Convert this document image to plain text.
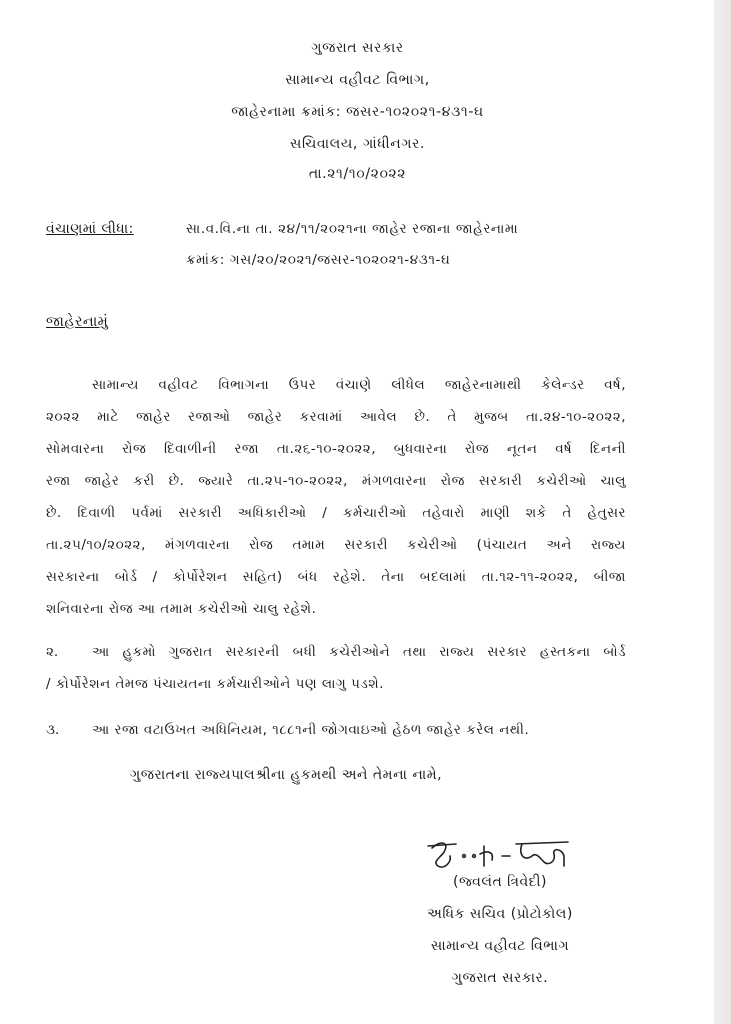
ગુજરાત સરકાર
સામાન્ય વહીવટ વિભાગ,
જાહેરનામા ક્રમાંક: જસર-૧૦૨૦૨૧-૪૩૧-ઘ
સચિવાલય, ગાંધીનગર.
તા.૨૧/૧૦/૨૦૨૨
વંચાણમાં લીધા:	સા.વ.વિ.ના તા. ૨૪/૧૧/૨૦૨૧ના જાહેર રજાના જાહેરનામા
ક્રમાંક: ગસ/૨૦/૨૦૨૧/જસર-૧૦૨૦૨૧-૪૩૧-ઘ
જાહેરનામું
સામાન્ય વહીવટ વિભાગના ઉપર વંચાણે લીધેલ જાહેરનામાથી કેલેન્ડર વર્ષ,
૨૦૨૨ માટે જાહેર રજાઓ જાહેર કરવામાં આવેલ છે. તે મુજબ તા.૨૪-૧૦-૨૦૨૨,
સોમવારના રોજ દિવાળીની રજા તા.૨૬-૧૦-૨૦૨૨, બુધવારના રોજ નૂતન વર્ષ દિનની
રજા જાહેર કરી છે. જ્યારે તા.૨૫-૧૦-૨૦૨૨, મંગળવારના રોજ સરકારી કચેરીઓ ચાલુ
છે. દિવાળી પર્વમાં સરકારી અધિકારીઓ / કર્મચારીઓ તહેવારો માણી શકે તે હેતુસર
તા.૨૫/૧૦/૨૦૨૨, મંગળવારના રોજ તમામ સરકારી કચેરીઓ (પંચાયત અને રાજ્ય
સરકારના બોર્ડ / કોર્પોરેશન સહિત) બંધ રહેશે. તેના બદલામાં તા.૧૨-૧૧-૨૦૨૨, બીજા
શનિવારના રોજ આ તમામ કચેરીઓ ચાલુ રહેશે.
૨.	આ હુકમો ગુજરાત સરકારની બધી કચેરીઓને તથા રાજ્ય સરકાર હસ્તકના બોર્ડ
/ કોર્પોરેશન તેમજ પંચાયતના કર્મચારીઓને પણ લાગુ પડશે.
૩. આ રજા વટાઉખત અધિનિયમ, ૧૮૮૧ની જોગવાઇઓ હેઠળ જાહેર કરેલ નથી.
ગુજરાતના રાજ્યપાલશ્રીના હુકમથી અને તેમના નામે,
(જ્વલંત ત્રિવેદી)
અધિક સચિવ (પ્રોટોકોલ)
સામાન્ય વહીવટ વિભાગ
ગુજરાત સરકાર.
